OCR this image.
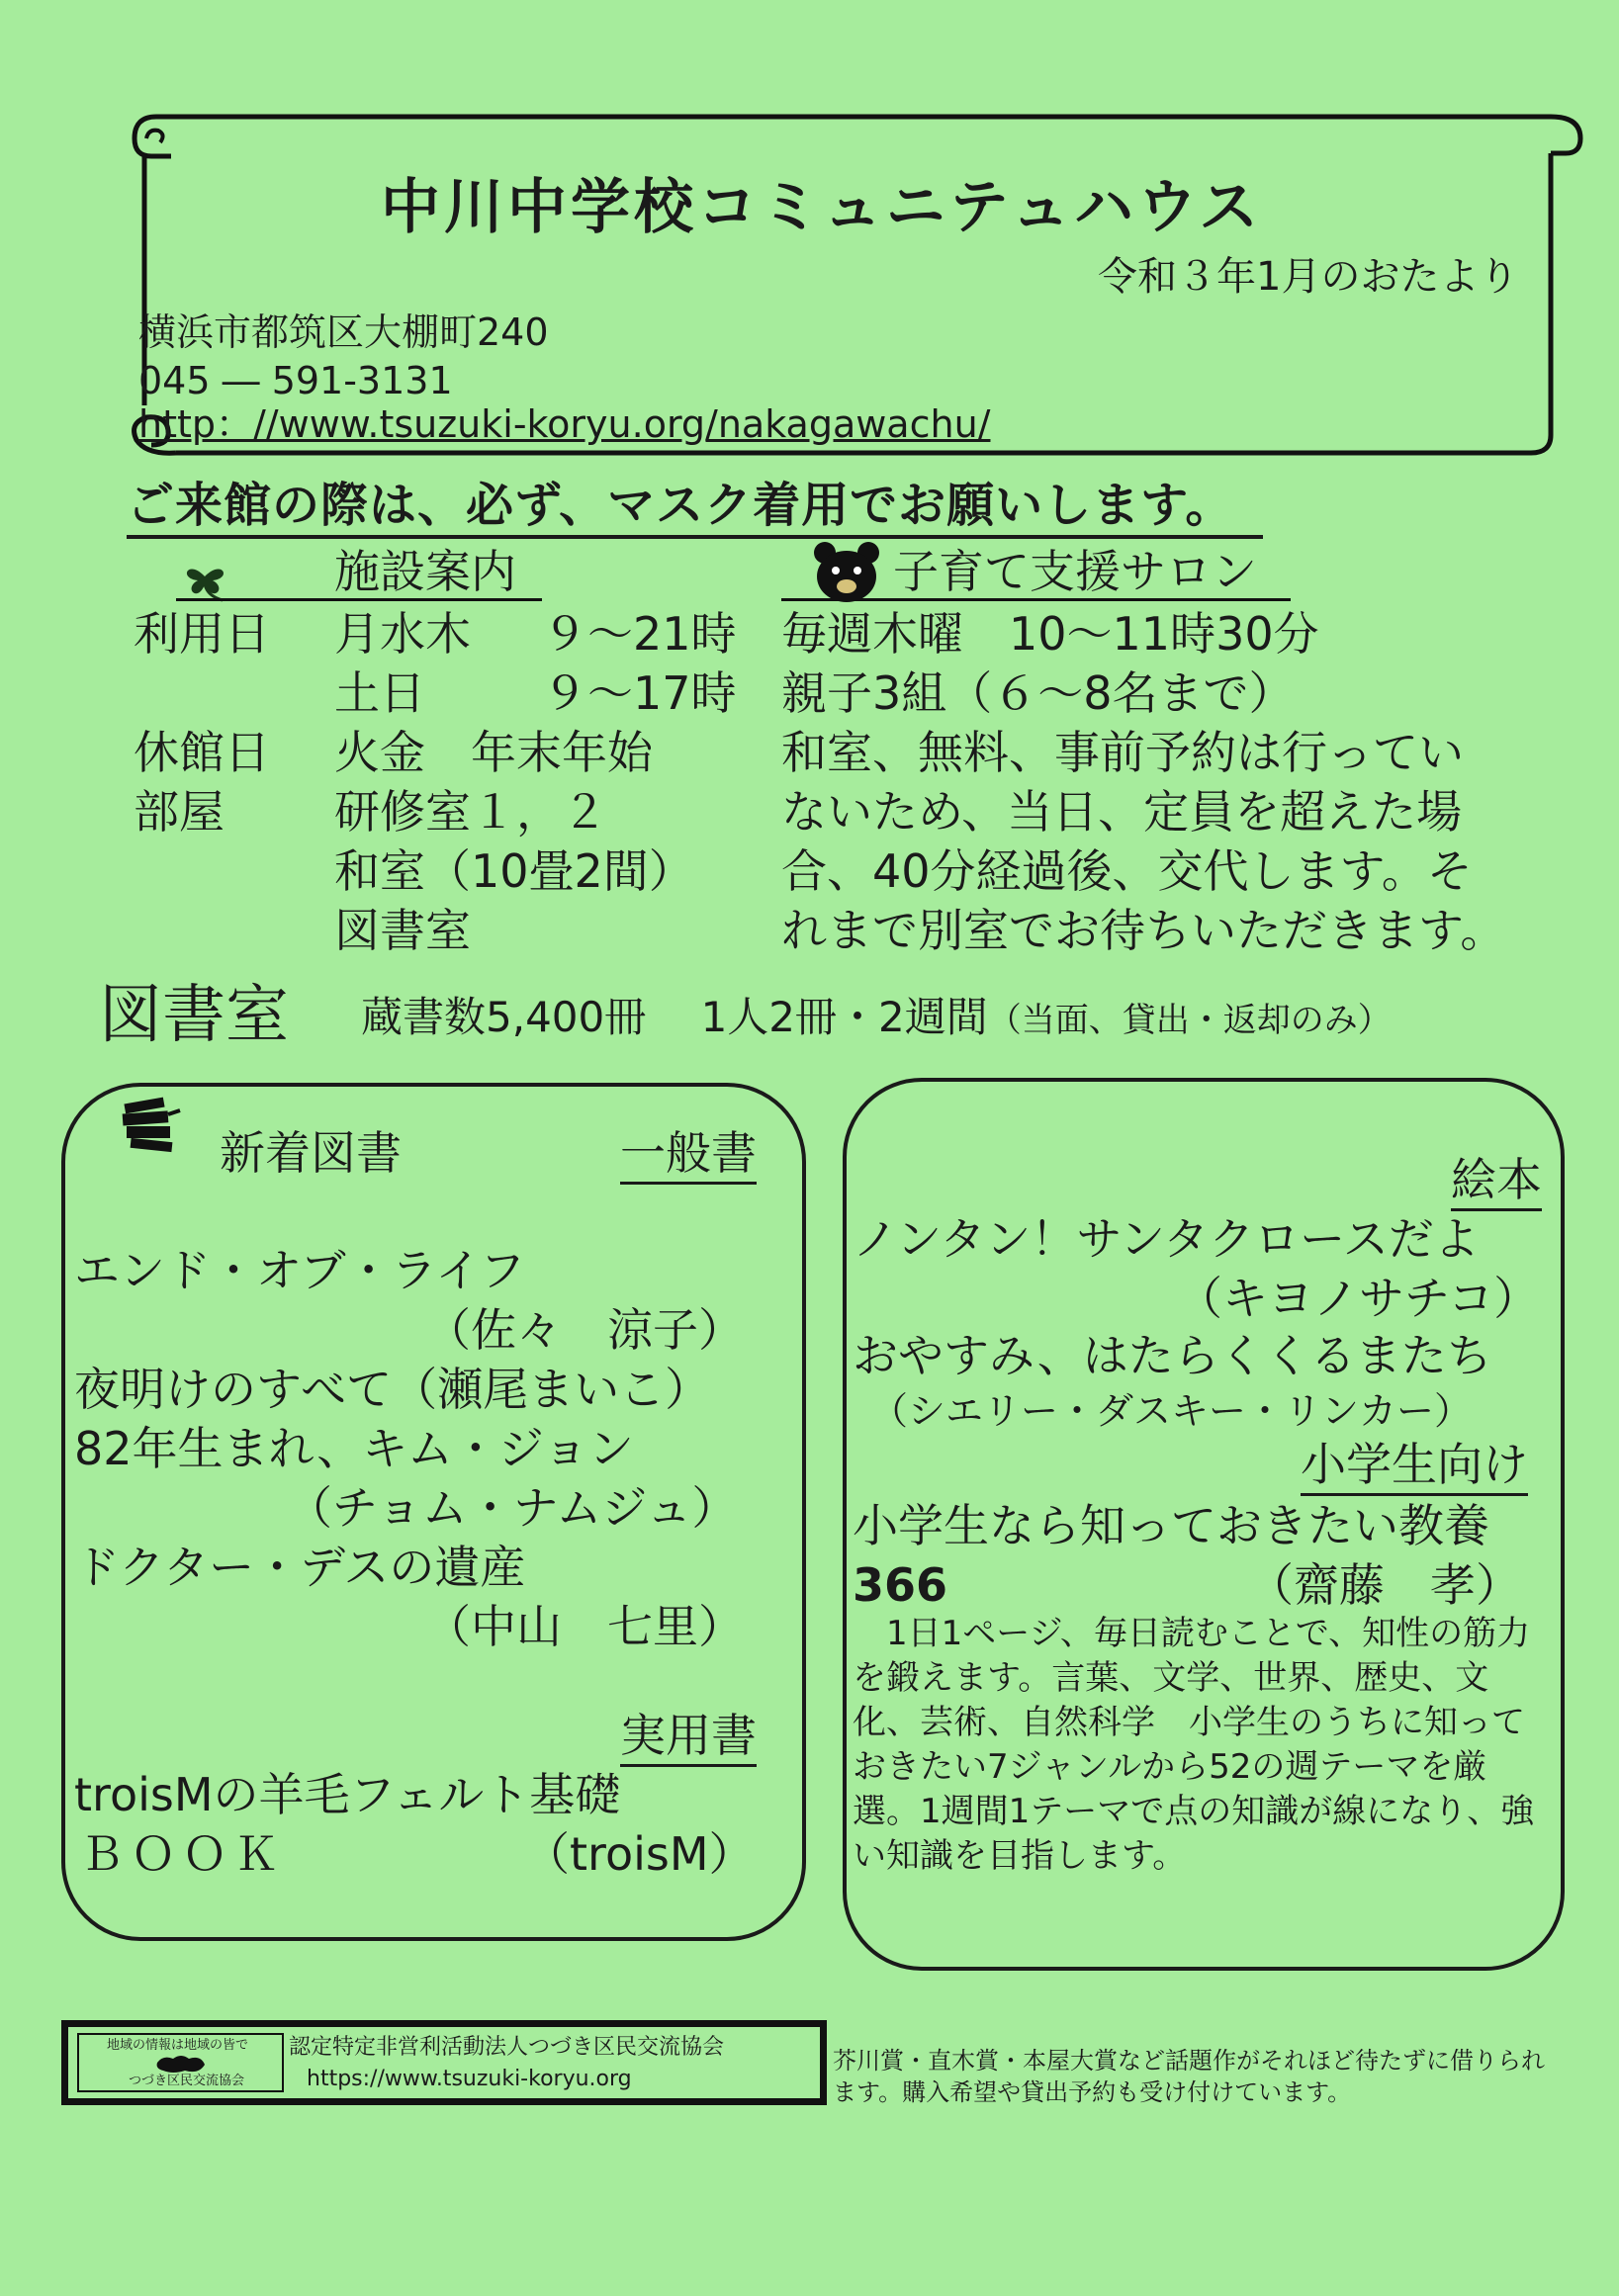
中川中学校コミュニテュハウス
令和３年1月のおたより
横浜市都筑区大棚町240
045 ― 591-3131
http：//www.tsuzuki-koryu.org/nakagawachu/
ご来館の際は、必ず、マスク着用でお願いします。
施設案内
利用日 月水木 ９～21時
土日	９～17時
休館日 火金　年末年始
部屋 研修室１，２
和室（10畳2間）
図書室
子育て支援サロン
毎週木曜　10～11時30分
親子3組（６～8名まで）
和室、無料、事前予約は行ってい
ないため、当日、定員を超えた場
合、40分経過後、交代します。そ
れまで別室でお待ちいただきます。
図書室 蔵書数5,400冊　 1人2冊・2週間（当面、貸出・返却のみ）
新着図書	一般書
エンド・オブ・ライフ
（佐々　涼子）
夜明けのすべて（瀬尾まいこ）
82年生まれ、キム・ジョン
（チョム・ナムジュ）
ドクター・デスの遺産
（中山　七里）
実用書
troisMの羊毛フェルト基礎
ＢＯＯＫ	（troisM）
絵本
ノンタン！サンタクロースだよ
（キヨノサチコ）
おやすみ、はたらくくるまたち
（シエリー・ダスキー・リンカー）
小学生向け
小学生なら知っておきたい教養
366	（齋藤　孝）
　1日1ページ、毎日読むことで、知性の筋力を鍛えます。言葉、文学、世界、歴史、文化、芸術、自然科学　小学生のうちに知っておきたい7ジャンルから52の週テーマを厳選。1週間1テーマで点の知識が線になり、強い知識を目指します。
地域の情報は地域の皆で
つづき区民交流協会
認定特定非営利活動法人つづき区民交流協会
https://www.tsuzuki-koryu.org
芥川賞・直木賞・本屋大賞など話題作がそれほど待たずに借りられます。購入希望や貸出予約も受け付けています。
